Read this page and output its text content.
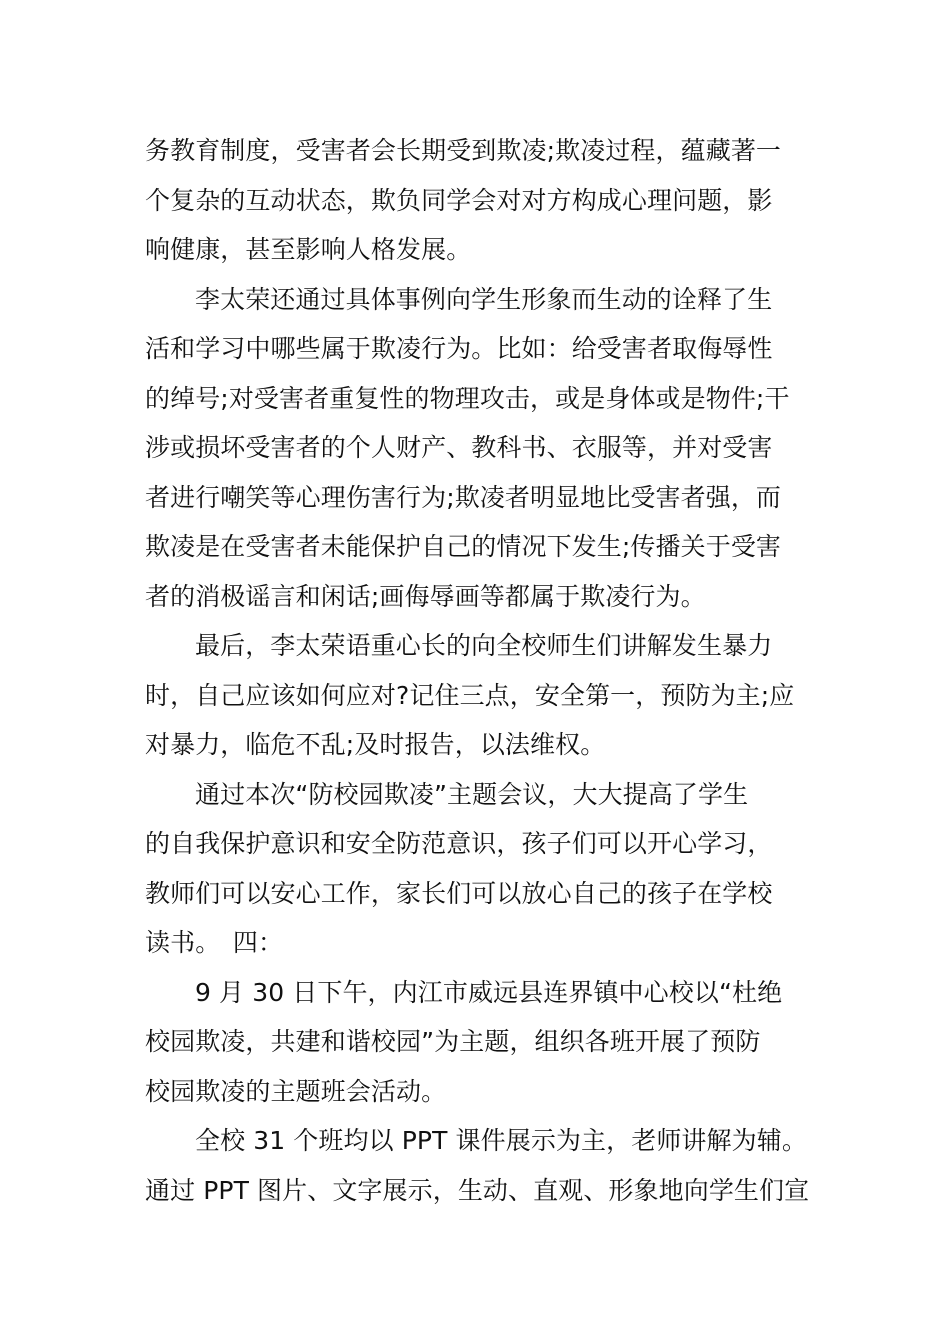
务教育制度，受害者会长期受到欺凌;欺凌过程，蕴藏著一
个复杂的互动状态，欺负同学会对对方构成心理问题，影
响健康，甚至影响人格发展。
李太荣还通过具体事例向学生形象而生动的诠释了生
活和学习中哪些属于欺凌行为。比如：给受害者取侮辱性
的绰号;对受害者重复性的物理攻击，或是身体或是物件;干
涉或损坏受害者的个人财产、教科书、衣服等，并对受害
者进行嘲笑等心理伤害行为;欺凌者明显地比受害者强，而
欺凌是在受害者未能保护自己的情况下发生;传播关于受害
者的消极谣言和闲话;画侮辱画等都属于欺凌行为。
最后，李太荣语重心长的向全校师生们讲解发生暴力
时，自己应该如何应对?记住三点，安全第一，预防为主;应
对暴力，临危不乱;及时报告，以法维权。
通过本次“防校园欺凌”主题会议，大大提高了学生
的自我保护意识和安全防范意识，孩子们可以开心学习，
教师们可以安心工作，家长们可以放心自己的孩子在学校
读书。　四：
9 月 30 日下午，内江市威远县连界镇中心校以“杜绝
校园欺凌，共建和谐校园”为主题，组织各班开展了预防
校园欺凌的主题班会活动。
全校 31 个班均以 PPT 课件展示为主，老师讲解为辅。
通过 PPT 图片、文字展示，生动、直观、形象地向学生们宣
